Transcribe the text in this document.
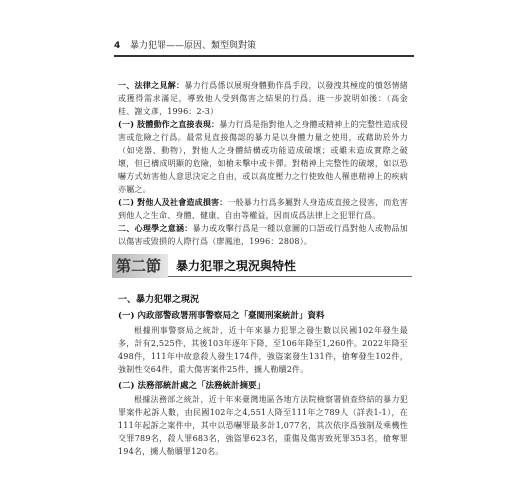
4 暴力犯罪——原因、類型與對策
一、法律之見解：暴力行爲係以展現身體動作爲手段，以發洩其極度的憤怒情緒或獲得需求滿足，導致他人受到傷害之結果的行爲。進一步說明如後：（高金桂、謝文彥，1996：2-3）
(一) 肢體動作之直接表現：暴力行爲是指對他人之身體或精神上的完整性造成侵害或危險之行爲。最常見直接傷認的暴力是以身體力量之使用，或藉助於外力（如兇器、動物），對他人之身體結構或功能造成破壞；或雖未造成實際之破壞，但已構成明顯的危險，如槍未擊中或卡彈。對精神上完整性的破壞，如以恐嚇方式妨害他人意思決定之自由，或以高度壓力之行使致他人罹患精神上的疾病亦屬之。
(二) 對他人及社會造成損害：一般暴力行爲多屬對人身造成直接之侵害，而危害到他人之生命、身體、健康、自由等權益，因而成爲法律上之犯罪行爲。
二、心理學之意涵：暴力或攻擊行爲是一種以意圖的口語或行爲對他人或物品加以傷害或毀損的人際行爲（廖鳳池，1996：2808）。
第二節 暴力犯罪之現況與特性
一、暴力犯罪之現況
(一) 內政部警政署刑事警察局之「臺閩刑案統計」資料
根據刑事警察局之統計，近十年來暴力犯罪之發生數以民國102年發生最多，計有2,525件，其後103年逐年下降，至106年降至1,260件。2022年降至498件，111年中故意殺人發生174件，強盜案發生131件，搶奪發生102件，強制性交64件，重大傷害案件25件，擄人勒贖2件。
(二) 法務部統計處之「法務統計摘要」
根據法務部之統計，近十年來臺灣地區各地方法院檢察署偵查終結的暴力犯罪案件起訴人數，由民國102年之4,551人降至111年之789人（詳表1-1），在111年起訴之案件中，其中以恐嚇罪最多計1,077名，其次依序爲強制及乘機性交罪789名，殺人罪683名，強盜罪623名，重傷及傷害致死罪353名，搶奪罪194名，擄人勒贖罪120名。
